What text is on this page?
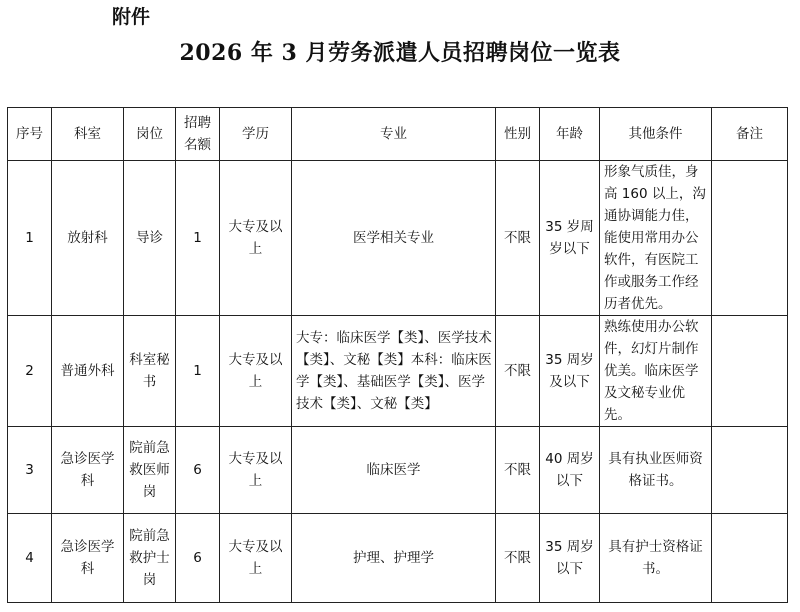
附件
2026 年 3 月劳务派遣人员招聘岗位一览表
序号	科室	岗位	招聘名额	学历	专业	性别	年龄	其他条件	备注
1	放射科	导诊	1	大专及以上	医学相关专业	不限	35 岁周岁以下	形象气质佳，身高 160 以上，沟通协调能力佳，能使用常用办公软件，有医院工作或服务工作经历者优先。	
2	普通外科	科室秘书	1	大专及以上	大专：临床医学【类】、医学技术【类】、文秘【类】本科：临床医学【类】、基础医学【类】、医学技术【类】、文秘【类】	不限	35 周岁及以下	熟练使用办公软件，幻灯片制作优美。临床医学及文秘专业优先。	
3	急诊医学科	院前急救医师岗	6	大专及以上	临床医学	不限	40 周岁以下	具有执业医师资格证书。	
4	急诊医学科	院前急救护士岗	6	大专及以上	护理、护理学	不限	35 周岁以下	具有护士资格证书。	
